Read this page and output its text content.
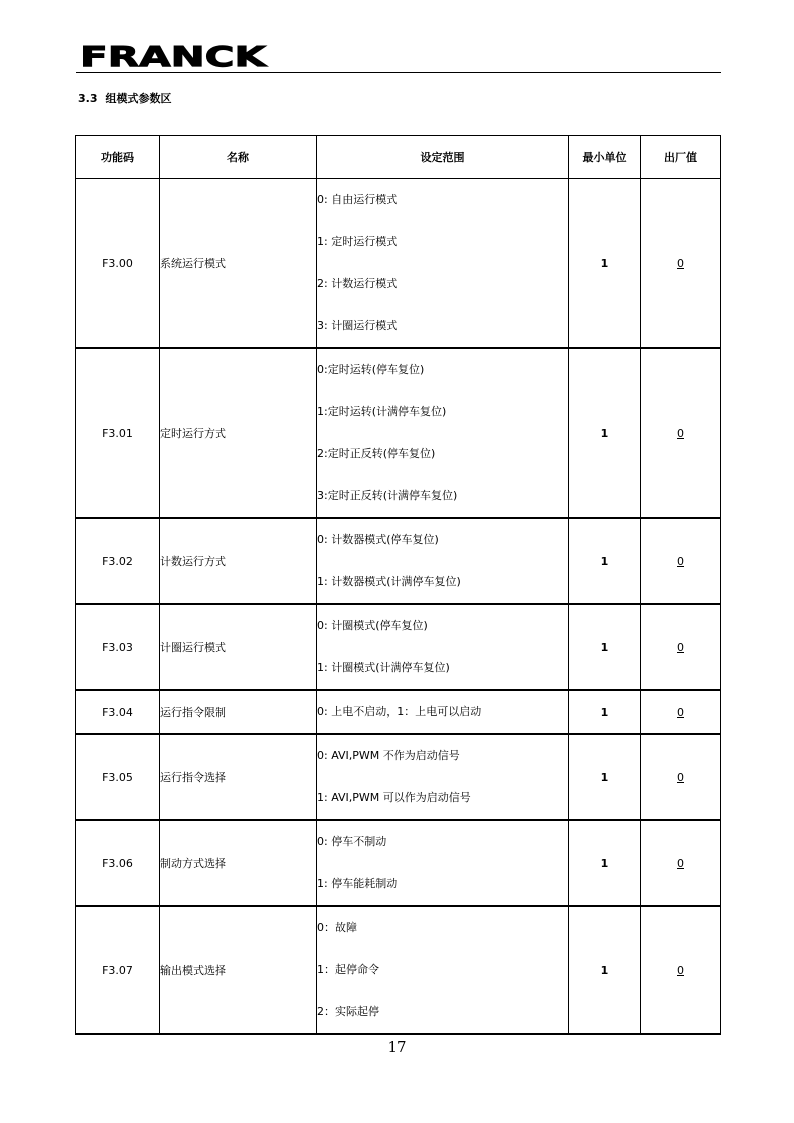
FRANCK
3.3 组模式参数区
功能码	名称	设定范围	最小单位	出厂值
F3.00	系统运行模式	0: 自由运行模式
1: 定时运行模式
2: 计数运行模式
3: 计圈运行模式	1	0
F3.01	定时运行方式	0:定时运转(停车复位)
1:定时运转(计满停车复位)
2:定时正反转(停车复位)
3:定时正反转(计满停车复位)	1	0
F3.02	计数运行方式	0: 计数器模式(停车复位)
1: 计数器模式(计满停车复位)	1	0
F3.03	计圈运行模式	0: 计圈模式(停车复位)
1: 计圈模式(计满停车复位)	1	0
F3.04	运行指令限制	0: 上电不启动，1：上电可以启动	1	0
F3.05	运行指令选择	0: AVI,PWM 不作为启动信号
1: AVI,PWM 可以作为启动信号	1	0
F3.06	制动方式选择	0: 停车不制动
1: 停车能耗制动	1	0
F3.07	输出模式选择	0：故障
1：起停命令
2：实际起停	1	0
17
